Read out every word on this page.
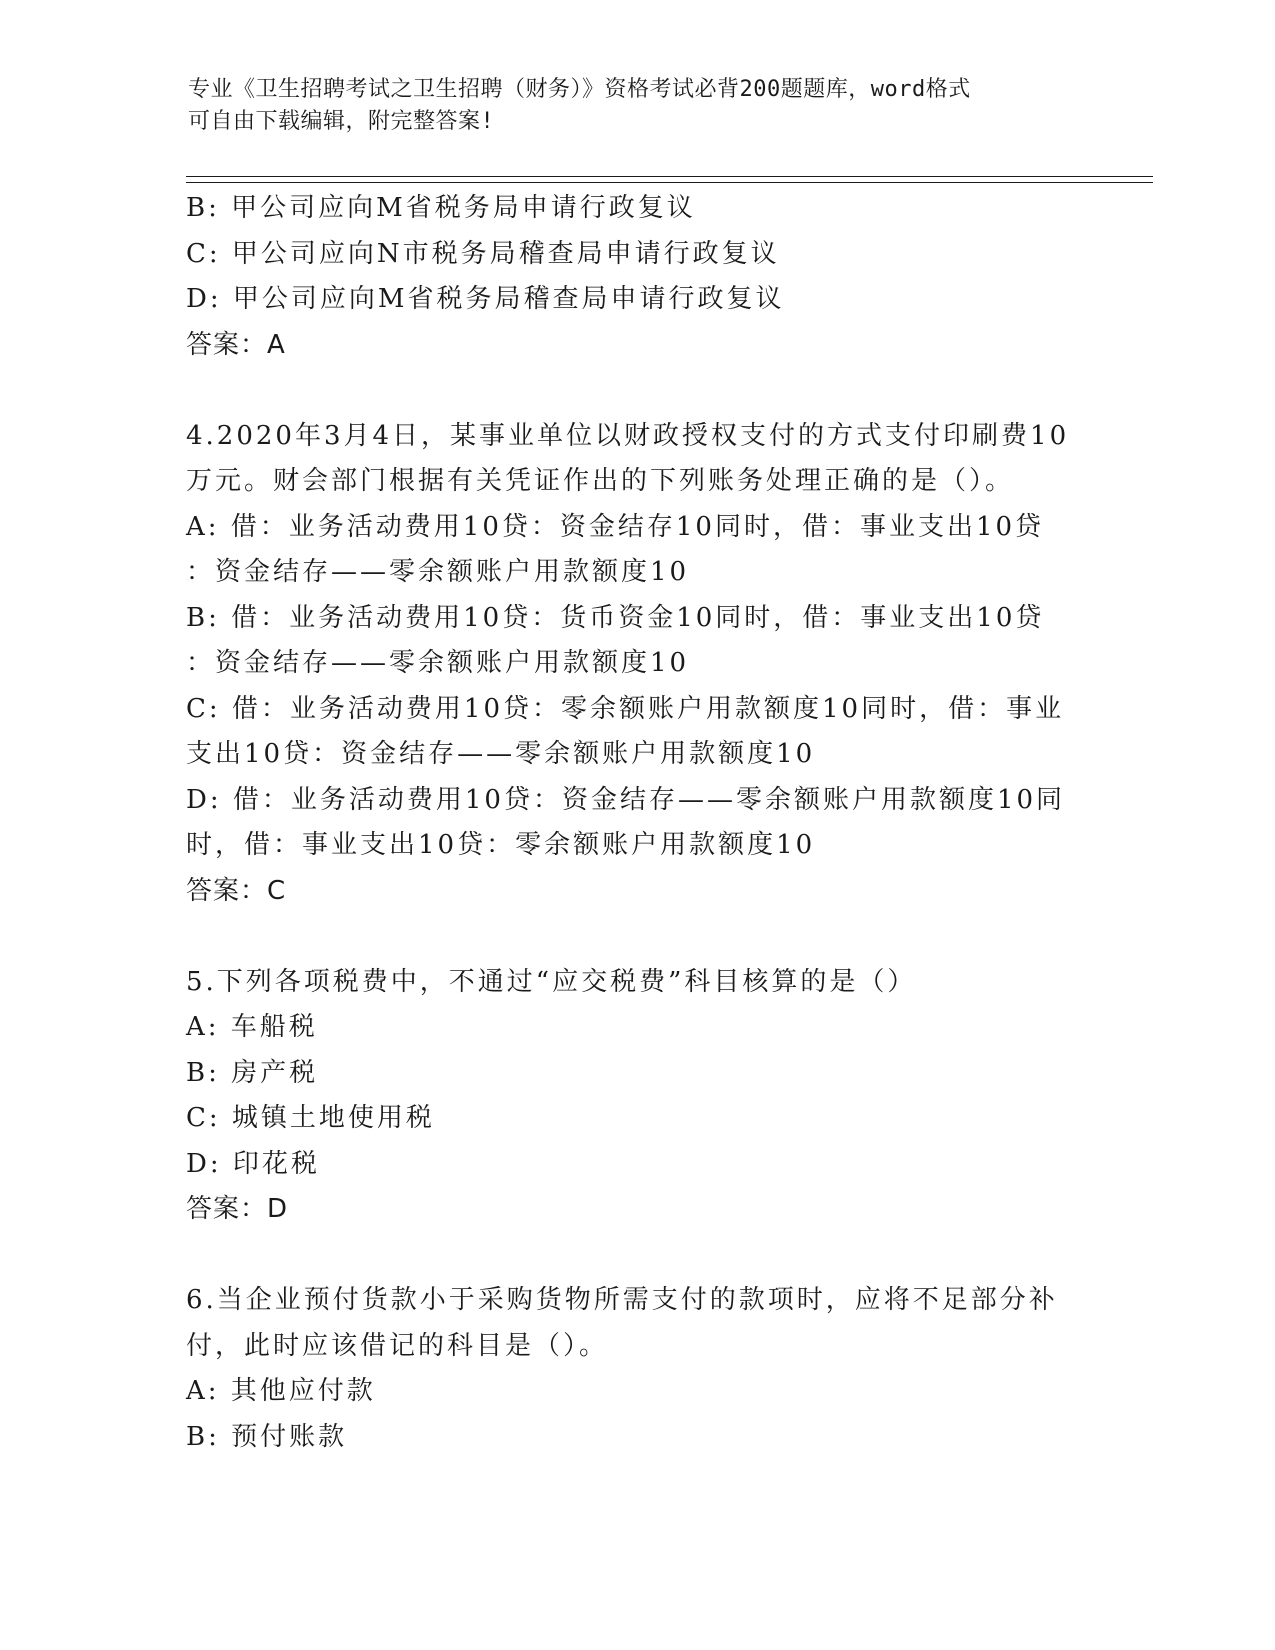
专业《卫生招聘考试之卫生招聘（财务）》资格考试必背200题题库，word格式
可自由下载编辑，附完整答案!
B: 甲公司应向M省税务局申请行政复议
C: 甲公司应向N市税务局稽查局申请行政复议
D: 甲公司应向M省税务局稽查局申请行政复议
答案：A
4.2020年3月4日，某事业单位以财政授权支付的方式支付印刷费10
万元。财会部门根据有关凭证作出的下列账务处理正确的是（）。
A: 借：业务活动费用10贷：资金结存10同时，借：事业支出10贷
：资金结存——零余额账户用款额度10
B: 借：业务活动费用10贷：货币资金10同时，借：事业支出10贷
：资金结存——零余额账户用款额度10
C: 借：业务活动费用10贷：零余额账户用款额度10同时，借：事业
支出10贷：资金结存——零余额账户用款额度10
D: 借：业务活动费用10贷：资金结存——零余额账户用款额度10同
时，借：事业支出10贷：零余额账户用款额度10
答案：C
5.下列各项税费中，不通过“应交税费”科目核算的是（）
A: 车船税
B: 房产税
C: 城镇土地使用税
D: 印花税
答案：D
6.当企业预付货款小于采购货物所需支付的款项时，应将不足部分补
付，此时应该借记的科目是（）。
A: 其他应付款
B: 预付账款
